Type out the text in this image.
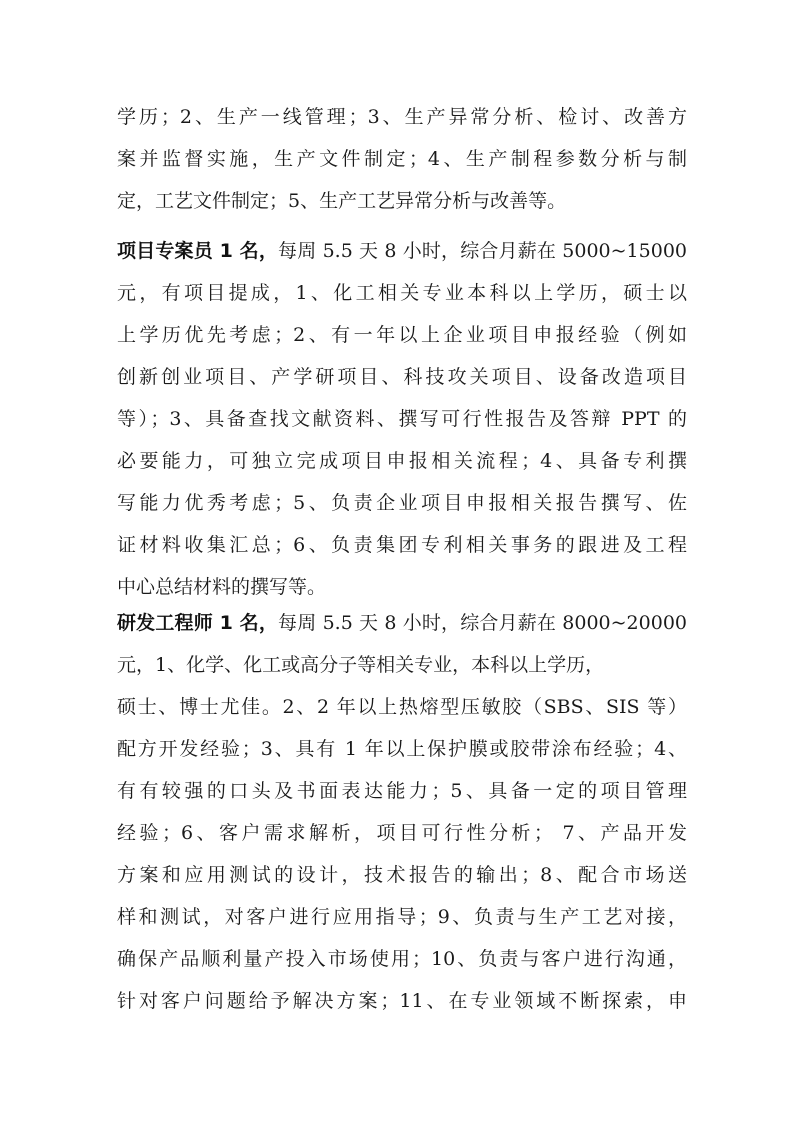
学历；2、生产一线管理；3、生产异常分析、检讨、改善方
案并监督实施，生产文件制定；4、生产制程参数分析与制
定，工艺文件制定；5、生产工艺异常分析与改善等。
项目专案员 1 名，每周 5.5 天 8 小时，综合月薪在 5000~15000
元，有项目提成，1、化工相关专业本科以上学历，硕士以
上学历优先考虑；2、有一年以上企业项目申报经验（例如
创新创业项目、产学研项目、科技攻关项目、设备改造项目
等）；3、具备查找文献资料、撰写可行性报告及答辩 PPT 的
必要能力，可独立完成项目申报相关流程；4、具备专利撰
写能力优秀考虑；5、负责企业项目申报相关报告撰写、佐
证材料收集汇总；6、负责集团专利相关事务的跟进及工程
中心总结材料的撰写等。
研发工程师 1 名，每周 5.5 天 8 小时，综合月薪在 8000~20000
元，1、化学、化工或高分子等相关专业，本科以上学历，
硕士、博士尤佳。2、2 年以上热熔型压敏胶（SBS、SIS 等）
配方开发经验；3、具有 1 年以上保护膜或胶带涂布经验；4、
有有较强的口头及书面表达能力；5、具备一定的项目管理
经验；6、客户需求解析，项目可行性分析； 7、产品开发
方案和应用测试的设计，技术报告的输出；8、配合市场送
样和测试，对客户进行应用指导；9、负责与生产工艺对接，
确保产品顺利量产投入市场使用；10、负责与客户进行沟通，
针对客户问题给予解决方案；11、在专业领域不断探索，申
